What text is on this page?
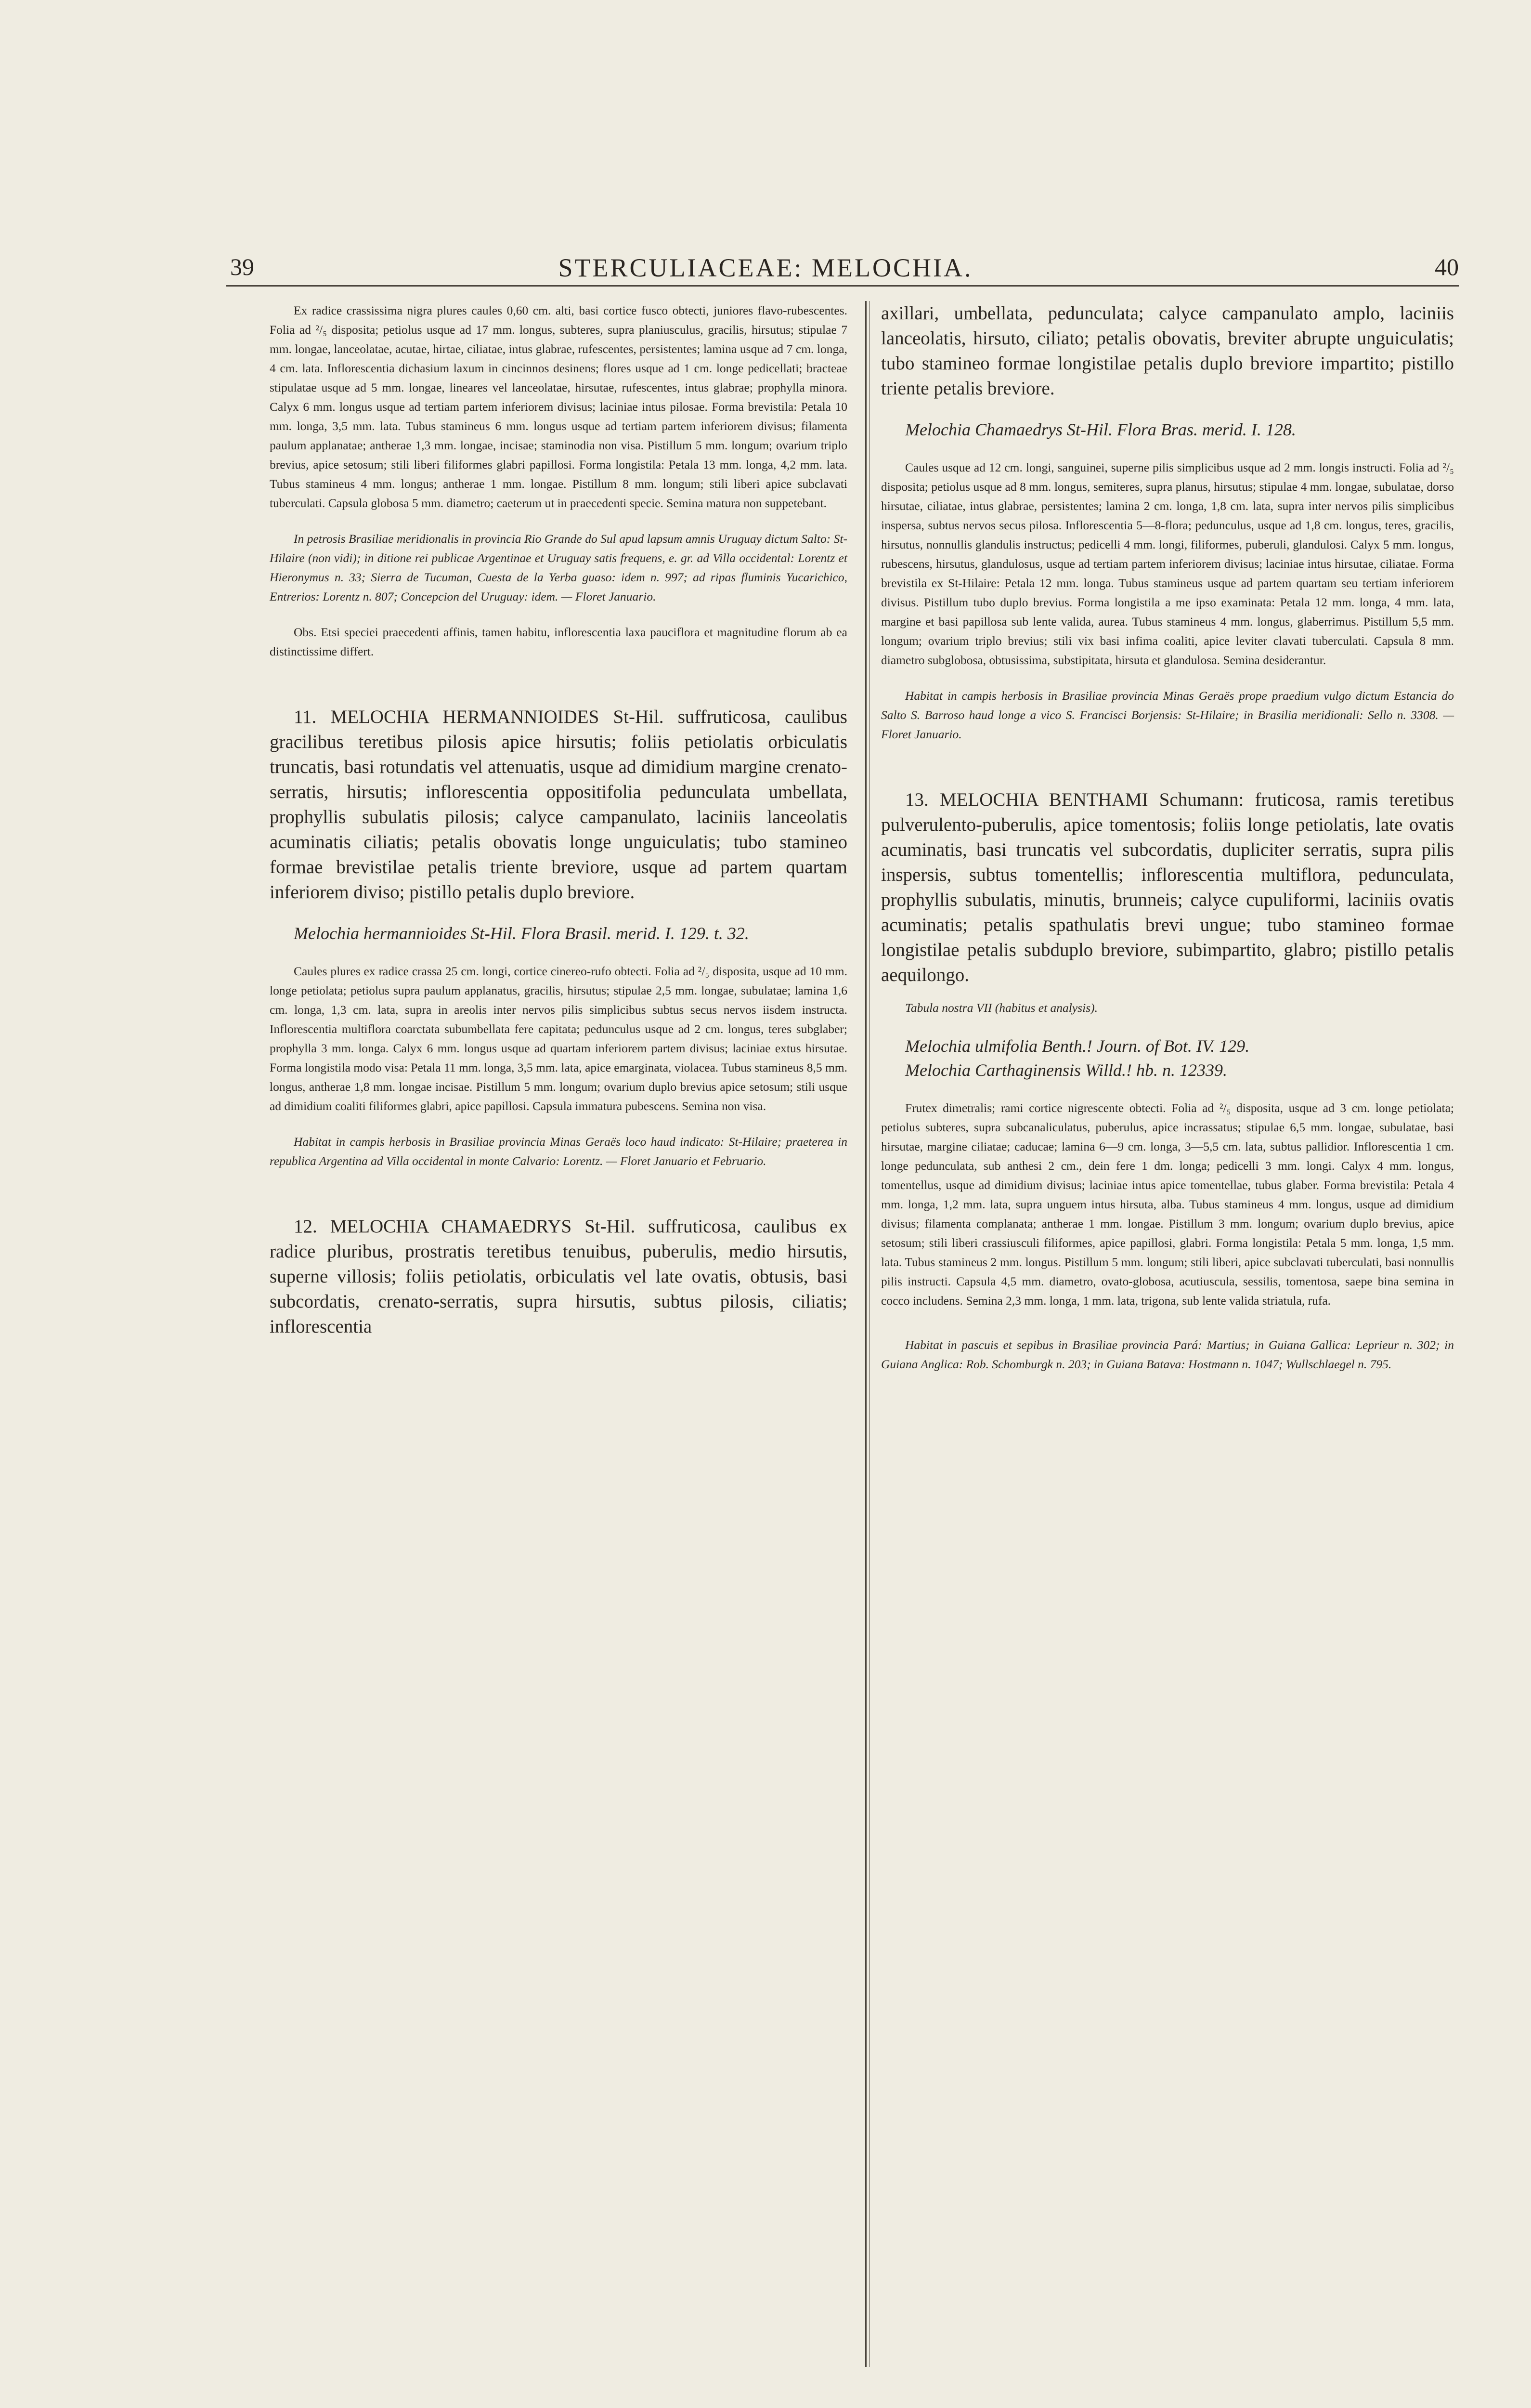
39	STERCULIACEAE: MELOCHIA.	40

Ex radice crassissima nigra plures caules 0,60 cm. alti, basi cortice fusco obtecti, juniores flavo-rubescentes. Folia ad ²/₅ disposita; petiolus usque ad 17 mm. longus, subteres, supra planiusculus, gracilis, hirsutus; stipulae 7 mm. longae, lanceolatae, acutae, hirtae, ciliatae, intus glabrae, rufescentes, persistentes; lamina usque ad 7 cm. longa, 4 cm. lata. Inflorescentia dichasium laxum in cincinnos desinens; flores usque ad 1 cm. longe pedicellati; bracteae stipulatae usque ad 5 mm. longae, lineares vel lanceolatae, hirsutae, rufescentes, intus glabrae; prophylla minora. Calyx 6 mm. longus usque ad tertiam partem inferiorem divisus; laciniae intus pilosae. Forma brevistila: Petala 10 mm. longa, 3,5 mm. lata. Tubus stamineus 6 mm. longus usque ad tertiam partem inferiorem divisus; filamenta paulum applanatae; antherae 1,3 mm. longae, incisae; staminodia non visa. Pistillum 5 mm. longum; ovarium triplo brevius, apice setosum; stili liberi filiformes glabri papillosi. Forma longistila: Petala 13 mm. longa, 4,2 mm. lata. Tubus stamineus 4 mm. longus; antherae 1 mm. longae. Pistillum 8 mm. longum; stili liberi apice subclavati tuberculati. Capsula globosa 5 mm. diametro; caeterum ut in praecedenti specie. Semina matura non suppetebant.

In petrosis Brasiliae meridionalis in provincia Rio Grande do Sul apud lapsum amnis Uruguay dictum Salto: St-Hilaire (non vidi); in ditione rei publicae Argentinae et Uruguay satis frequens, e. gr. ad Villa occidental: Lorentz et Hieronymus n. 33; Sierra de Tucuman, Cuesta de la Yerba guaso: idem n. 997; ad ripas fluminis Yucarichico, Entrerios: Lorentz n. 807; Concepcion del Uruguay: idem. — Floret Januario.

Obs. Etsi speciei praecedenti affinis, tamen habitu, inflorescentia laxa pauciflora et magnitudine florum ab ea distinctissime differt.

11. MELOCHIA HERMANNIOIDES St-Hil. suffruticosa, caulibus gracilibus teretibus pilosis apice hirsutis; foliis petiolatis orbiculatis truncatis, basi rotundatis vel attenuatis, usque ad dimidium margine crenato-serratis, hirsutis; inflorescentia oppositifolia pedunculata umbellata, prophyllis subulatis pilosis; calyce campanulato, laciniis lanceolatis acuminatis ciliatis; petalis obovatis longe unguiculatis; tubo stamineo formae brevistilae petalis triente breviore, usque ad partem quartam inferiorem diviso; pistillo petalis duplo breviore.

Melochia hermannioides St-Hil. Flora Brasil. merid. I. 129. t. 32.

Caules plures ex radice crassa 25 cm. longi, cortice cinereo-rufo obtecti. Folia ad ²/₅ disposita, usque ad 10 mm. longe petiolata; petiolus supra paulum applanatus, gracilis, hirsutus; stipulae 2,5 mm. longae, subulatae; lamina 1,6 cm. longa, 1,3 cm. lata, supra in areolis inter nervos pilis simplicibus subtus secus nervos iisdem instructa. Inflorescentia multiflora coarctata subumbellata fere capitata; pedunculus usque ad 2 cm. longus, teres subglaber; prophylla 3 mm. longa. Calyx 6 mm. longus usque ad quartam inferiorem partem divisus; laciniae extus hirsutae. Forma longistila modo visa: Petala 11 mm. longa, 3,5 mm. lata, apice emarginata, violacea. Tubus stamineus 8,5 mm. longus, antherae 1,8 mm. longae incisae. Pistillum 5 mm. longum; ovarium duplo brevius apice setosum; stili usque ad dimidium coaliti filiformes glabri, apice papillosi. Capsula immatura pubescens. Semina non visa.

Habitat in campis herbosis in Brasiliae provincia Minas Geraës loco haud indicato: St-Hilaire; praeterea in republica Argentina ad Villa occidental in monte Calvario: Lorentz. — Floret Januario et Februario.

12. MELOCHIA CHAMAEDRYS St-Hil. suffruticosa, caulibus ex radice pluribus, prostratis teretibus tenuibus, puberulis, medio hirsutis, superne villosis; foliis petiolatis, orbiculatis vel late ovatis, obtusis, basi subcordatis, crenato-serratis, supra hirsutis, subtus pilosis, ciliatis; inflorescentia

axillari, umbellata, pedunculata; calyce campanulato amplo, laciniis lanceolatis, hirsuto, ciliato; petalis obovatis, breviter abrupte unguiculatis; tubo stamineo formae longistilae petalis duplo breviore impartito; pistillo triente petalis breviore.

Melochia Chamaedrys St-Hil. Flora Bras. merid. I. 128.

Caules usque ad 12 cm. longi, sanguinei, superne pilis simplicibus usque ad 2 mm. longis instructi. Folia ad ²/₅ disposita; petiolus usque ad 8 mm. longus, semiteres, supra planus, hirsutus; stipulae 4 mm. longae, subulatae, dorso hirsutae, ciliatae, intus glabrae, persistentes; lamina 2 cm. longa, 1,8 cm. lata, supra inter nervos pilis simplicibus inspersa, subtus nervos secus pilosa. Inflorescentia 5—8-flora; pedunculus, usque ad 1,8 cm. longus, teres, gracilis, hirsutus, nonnullis glandulis instructus; pedicelli 4 mm. longi, filiformes, puberuli, glandulosi. Calyx 5 mm. longus, rubescens, hirsutus, glandulosus, usque ad tertiam partem inferiorem divisus; laciniae intus hirsutae, ciliatae. Forma brevistila ex St-Hilaire: Petala 12 mm. longa. Tubus stamineus usque ad partem quartam seu tertiam inferiorem divisus. Pistillum tubo duplo brevius. Forma longistila a me ipso examinata: Petala 12 mm. longa, 4 mm. lata, margine et basi papillosa sub lente valida, aurea. Tubus stamineus 4 mm. longus, glaberrimus. Pistillum 5,5 mm. longum; ovarium triplo brevius; stili vix basi infima coaliti, apice leviter clavati tuberculati. Capsula 8 mm. diametro subglobosa, obtusissima, substipitata, hirsuta et glandulosa. Semina desiderantur.

Habitat in campis herbosis in Brasiliae provincia Minas Geraës prope praedium vulgo dictum Estancia do Salto S. Barroso haud longe a vico S. Francisci Borjensis: St-Hilaire; in Brasilia meridionali: Sello n. 3308. — Floret Januario.

13. MELOCHIA BENTHAMI Schumann: fruticosa, ramis teretibus pulverulento-puberulis, apice tomentosis; foliis longe petiolatis, late ovatis acuminatis, basi truncatis vel subcordatis, dupliciter serratis, supra pilis inspersis, subtus tomentellis; inflorescentia multiflora, pedunculata, prophyllis subulatis, minutis, brunneis; calyce cupuliformi, laciniis ovatis acuminatis; petalis spathulatis brevi ungue; tubo stamineo formae longistilae petalis subduplo breviore, subimpartito, glabro; pistillo petalis aequilongo.

Tabula nostra VII (habitus et analysis).

Melochia ulmifolia Benth.! Journ. of Bot. IV. 129.

Melochia Carthaginensis Willd.! hb. n. 12339.

Frutex dimetralis; rami cortice nigrescente obtecti. Folia ad ²/₅ disposita, usque ad 3 cm. longe petiolata; petiolus subteres, supra subcanaliculatus, puberulus, apice incrassatus; stipulae 6,5 mm. longae, subulatae, basi hirsutae, margine ciliatae; caducae; lamina 6—9 cm. longa, 3—5,5 cm. lata, subtus pallidior. Inflorescentia 1 cm. longe pedunculata, sub anthesi 2 cm., dein fere 1 dm. longa; pedicelli 3 mm. longi. Calyx 4 mm. longus, tomentellus, usque ad dimidium divisus; laciniae intus apice tomentellae, tubus glaber. Forma brevistila: Petala 4 mm. longa, 1,2 mm. lata, supra unguem intus hirsuta, alba. Tubus stamineus 4 mm. longus, usque ad dimidium divisus; filamenta complanata; antherae 1 mm. longae. Pistillum 3 mm. longum; ovarium duplo brevius, apice setosum; stili liberi crassiusculi filiformes, apice papillosi, glabri. Forma longistila: Petala 5 mm. longa, 1,5 mm. lata. Tubus stamineus 2 mm. longus. Pistillum 5 mm. longum; stili liberi, apice subclavati tuberculati, basi nonnullis pilis instructi. Capsula 4,5 mm. diametro, ovato-globosa, acutiuscula, sessilis, tomentosa, saepe bina semina in cocco includens. Semina 2,3 mm. longa, 1 mm. lata, trigona, sub lente valida striatula, rufa.

Habitat in pascuis et sepibus in Brasiliae provincia Pará: Martius; in Guiana Gallica: Leprieur n. 302; in Guiana Anglica: Rob. Schomburgk n. 203; in Guiana Batava: Hostmann n. 1047; Wullschlaegel n. 795.
